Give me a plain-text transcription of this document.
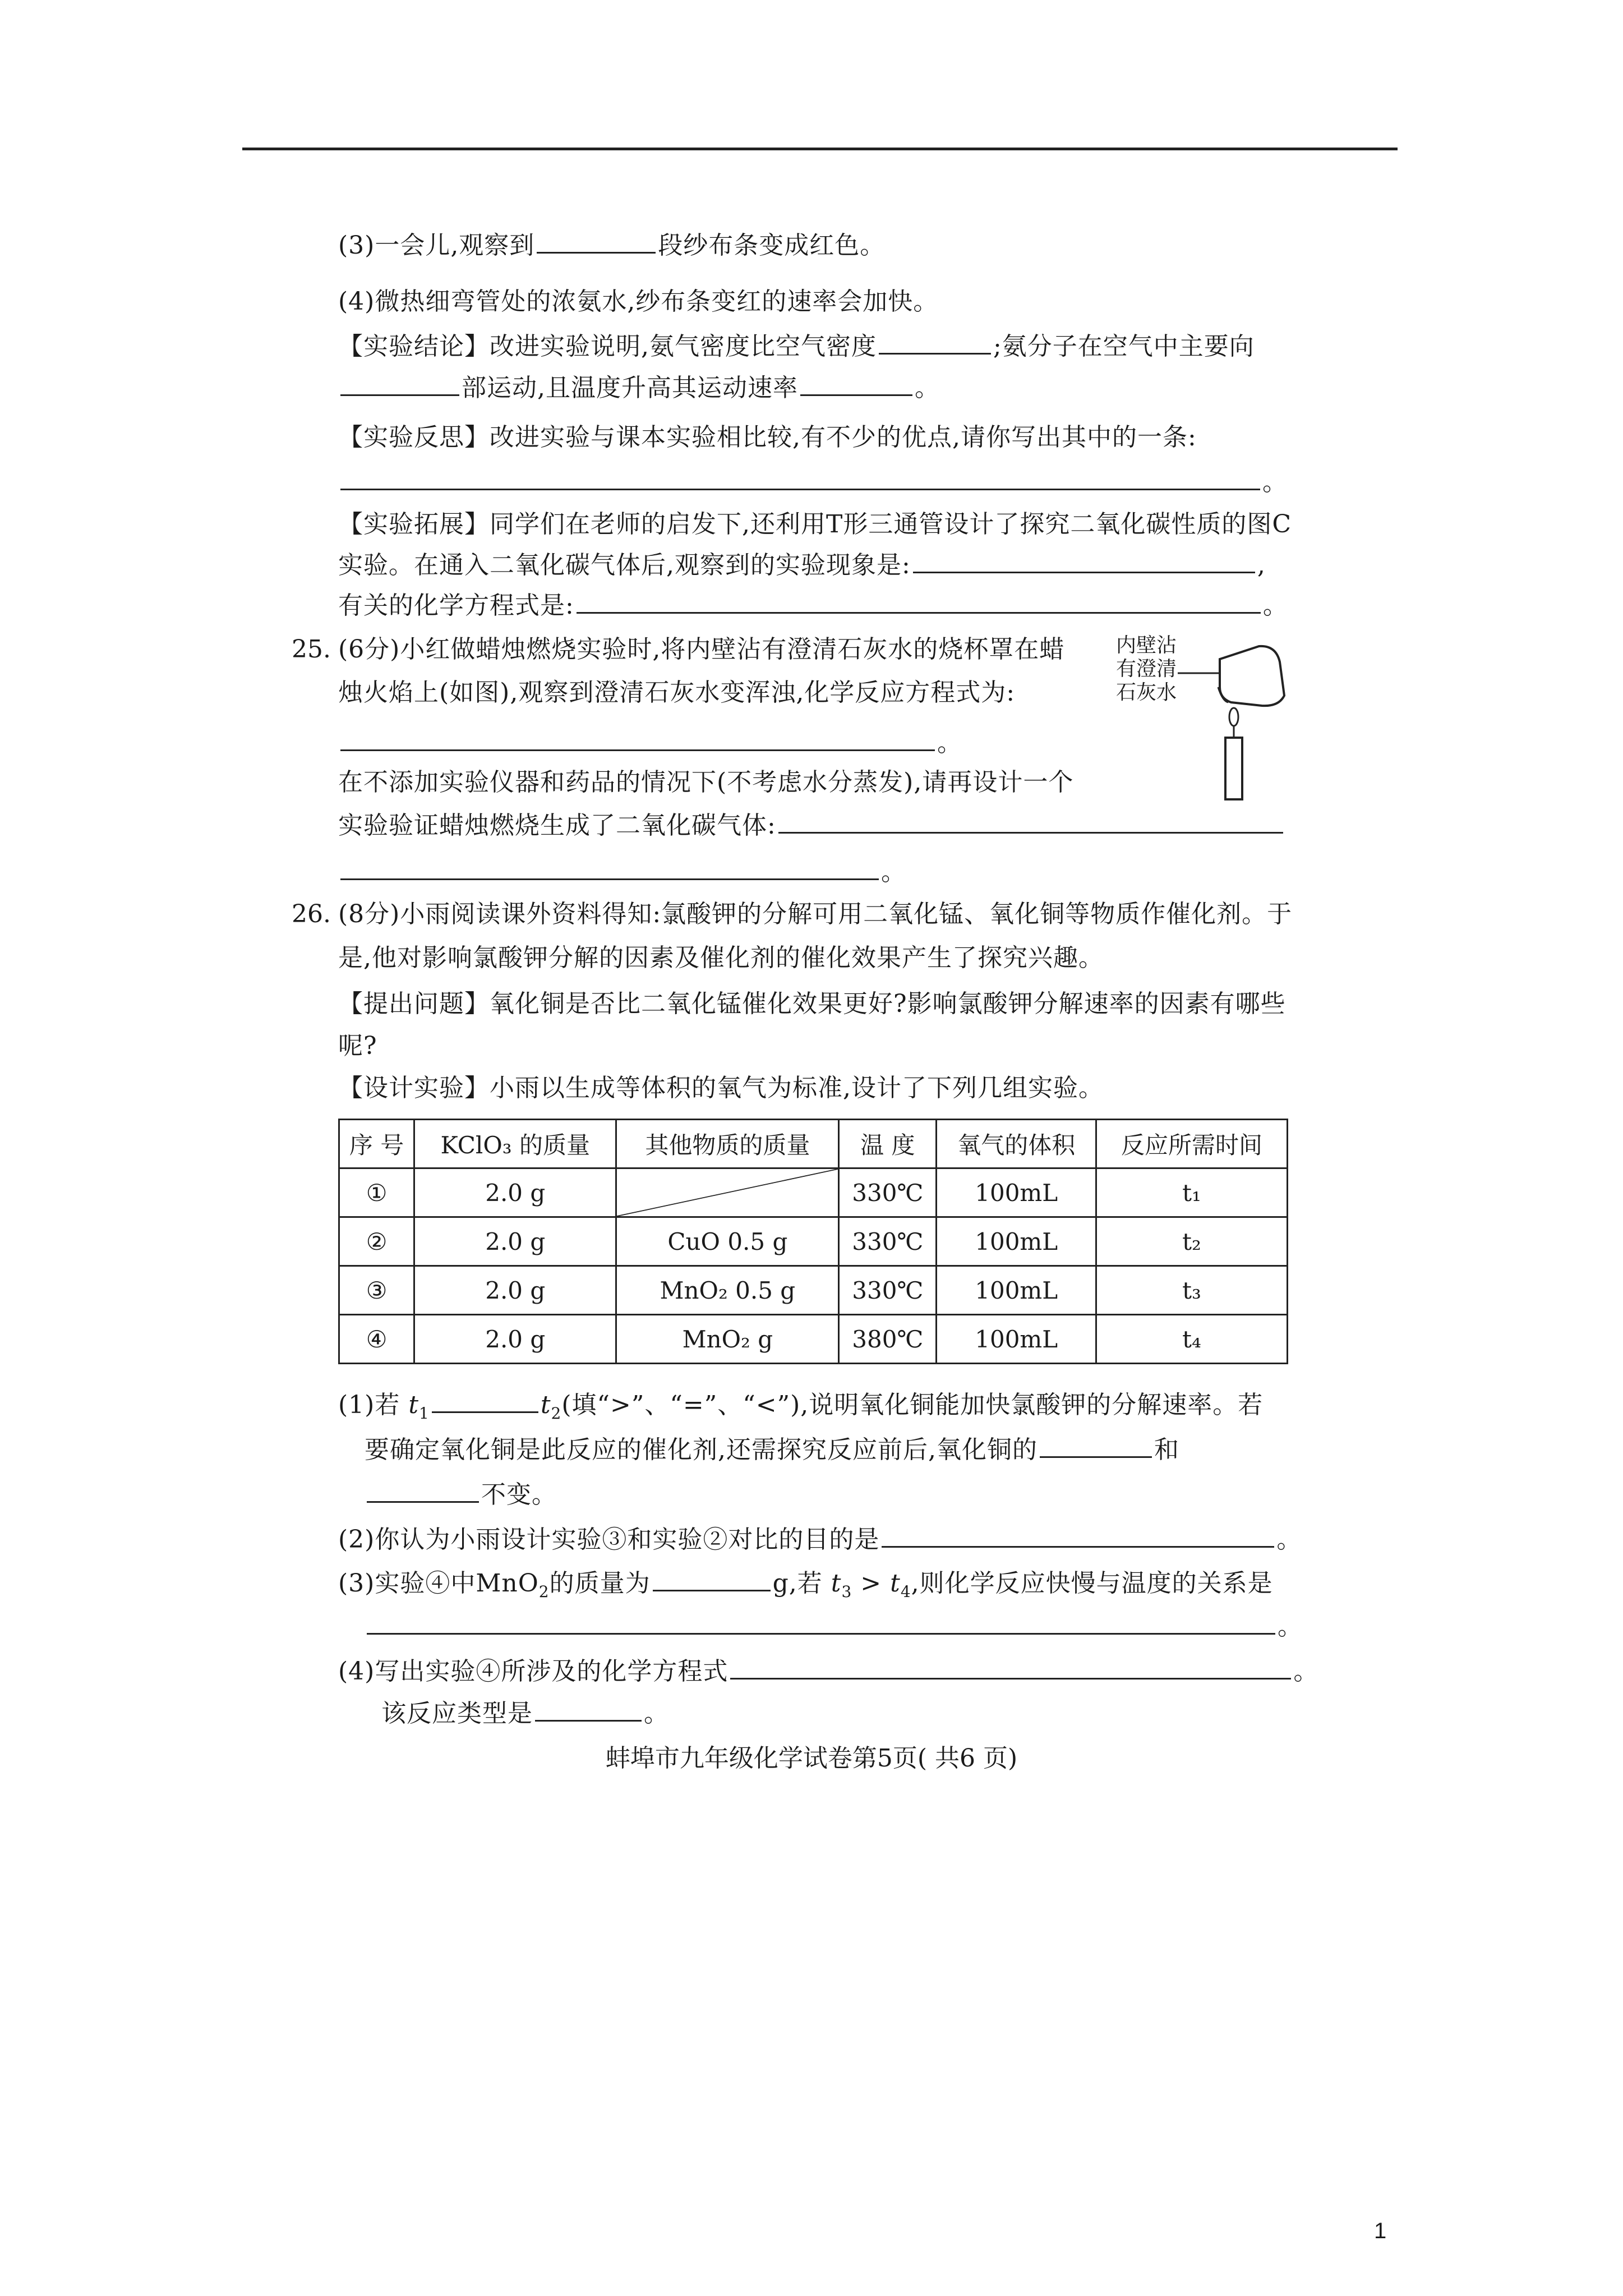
(3)一会儿,观察到	段纱布条变成红色。
(4)微热细弯管处的浓氨水,纱布条变红的速率会加快。
【实验结论】改进实验说明,氨气密度比空气密度	;氨分子在空气中主要向
部运动,且温度升高其运动速率	。
【实验反思】改进实验与课本实验相比较,有不少的优点,请你写出其中的一条:
。
【实验拓展】同学们在老师的启发下,还利用T形三通管设计了探究二氧化碳性质的图C
实验。在通入二氧化碳气体后,观察到的实验现象是:	,
有关的化学方程式是:	。
25. (6分)小红做蜡烛燃烧实验时,将内壁沾有澄清石灰水的烧杯罩在蜡
烛火焰上(如图),观察到澄清石灰水变浑浊,化学反应方程式为:
。
在不添加实验仪器和药品的情况下(不考虑水分蒸发),请再设计一个
实验验证蜡烛燃烧生成了二氧化碳气体:
。
内壁沾
有澄清
石灰水
26. (8分)小雨阅读课外资料得知:氯酸钾的分解可用二氧化锰、氧化铜等物质作催化剂。于
是,他对影响氯酸钾分解的因素及催化剂的催化效果产生了探究兴趣。
【提出问题】氧化铜是否比二氧化锰催化效果更好?影响氯酸钾分解速率的因素有哪些
呢?
【设计实验】小雨以生成等体积的氧气为标准,设计了下列几组实验。
序 号	KClO₃ 的质量	其他物质的质量	温 度	氧气的体积	反应所需时间
①	2.0 g		330℃	100mL	t₁
②	2.0 g	CuO 0.5 g	330℃	100mL	t₂
③	2.0 g	MnO₂ 0.5 g	330℃	100mL	t₃
④	2.0 g	MnO₂ g	380℃	100mL	t₄
(1)若 $t_1$	$t_2$(填“>”、“=”、“<”),说明氧化铜能加快氯酸钾的分解速率。若
要确定氧化铜是此反应的催化剂,还需探究反应前后,氧化铜的	和
不变。
(2)你认为小雨设计实验③和实验②对比的目的是	。
(3)实验④中MnO$_2$的质量为	g,若 $t_3 > t_4$,则化学反应快慢与温度的关系是
。
(4)写出实验④所涉及的化学方程式	。
该反应类型是	。
蚌埠市九年级化学试卷第5页( 共6 页)
1
